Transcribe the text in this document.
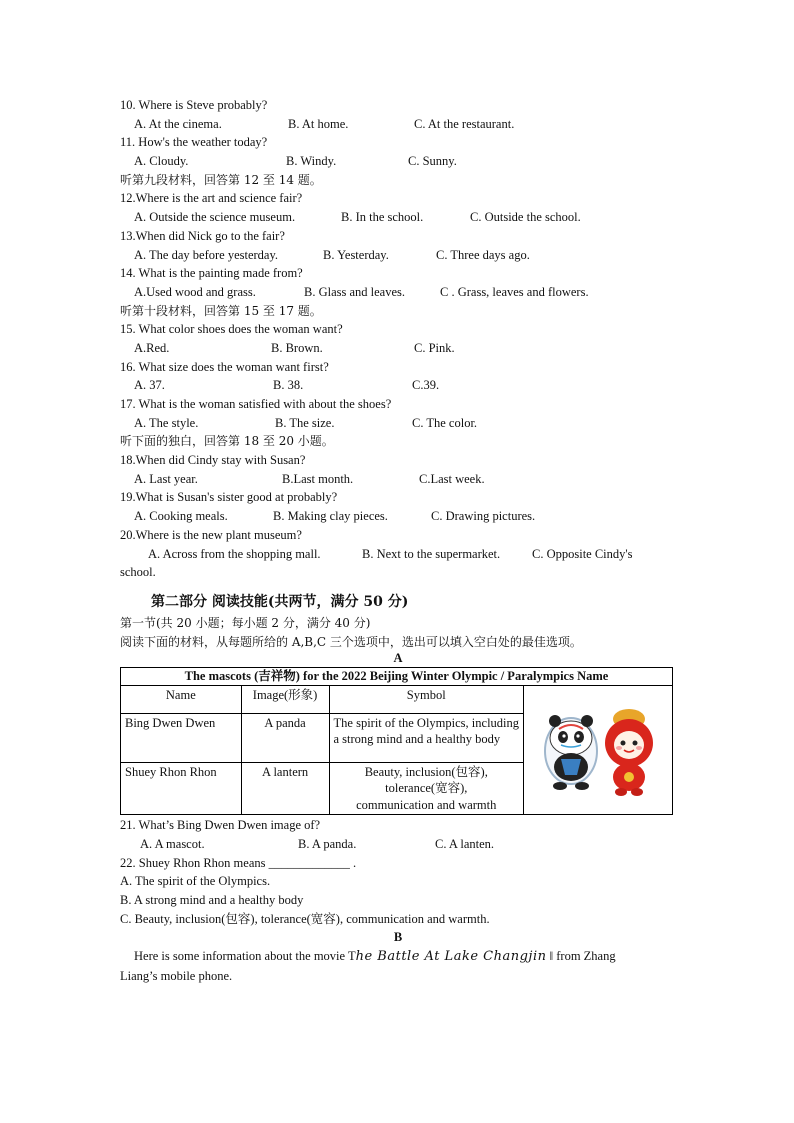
10. Where is Steve probably?
A. At the cinema.	B. At home.	C. At the restaurant.
11. How's the weather today?
A. Cloudy.	B. Windy.	C. Sunny.
听第九段材料，回答第 12 至 14 题。
12.Where is the art and science fair?
A. Outside the science museum.	B. In the school.	C. Outside the school.
13.When did Nick go to the fair?
A. The day before yesterday.	B. Yesterday.	C. Three days ago.
14. What is the painting made from?
A.Used wood and grass.	B. Glass and leaves.	C . Grass, leaves and flowers.
听第十段材料，回答第 15 至 17 题。
15. What color shoes does the woman want?
A.Red.	B. Brown.	C. Pink.
16. What size does the woman want first?
A. 37.	B. 38.	C.39.
17. What is the woman satisfied with about the shoes?
A. The style.	B. The size.	C. The color.
听下面的独白，回答第 18 至 20 小题。
18.When did Cindy stay with Susan?
A. Last year.	B.Last month.	C.Last week.
19.What is Susan's sister good at probably?
A. Cooking meals.	B. Making clay pieces.	C. Drawing pictures.
20.Where is the new plant museum?
A. Across from the shopping mall.	B. Next to the supermarket.	C. Opposite Cindy's
school.
第二部分 阅读技能(共两节，满分 50 分)
第一节(共 20 小题；每小题 2 分，满分 40 分)
阅读下面的材料，从每题所给的 A,B,C 三个选项中，选出可以填入空白处的最佳选项。
A
The mascots (吉祥物) for the 2022 Beijing Winter Olympic / Paralympics Name			
Name	Image(形象)	Symbol	
Bing Dwen Dwen	A panda	The spirit of the Olympics, including a strong mind and a healthy body	
Shuey Rhon Rhon	A lantern	Beauty, inclusion(包容),
tolerance(宽容),
communication and warmth	
21. What’s Bing Dwen Dwen image of?
A. A mascot.	B. A panda.	C. A lanten.
22. Shuey Rhon Rhon means _____________ .
A. The spirit of the Olympics.
B. A strong mind and a healthy body
C. Beauty, inclusion(包容), tolerance(宽容), communication and warmth.
B
Here is some information about the movie The Battle At Lake Changjin ‖ from Zhang
Liang’s mobile phone.
